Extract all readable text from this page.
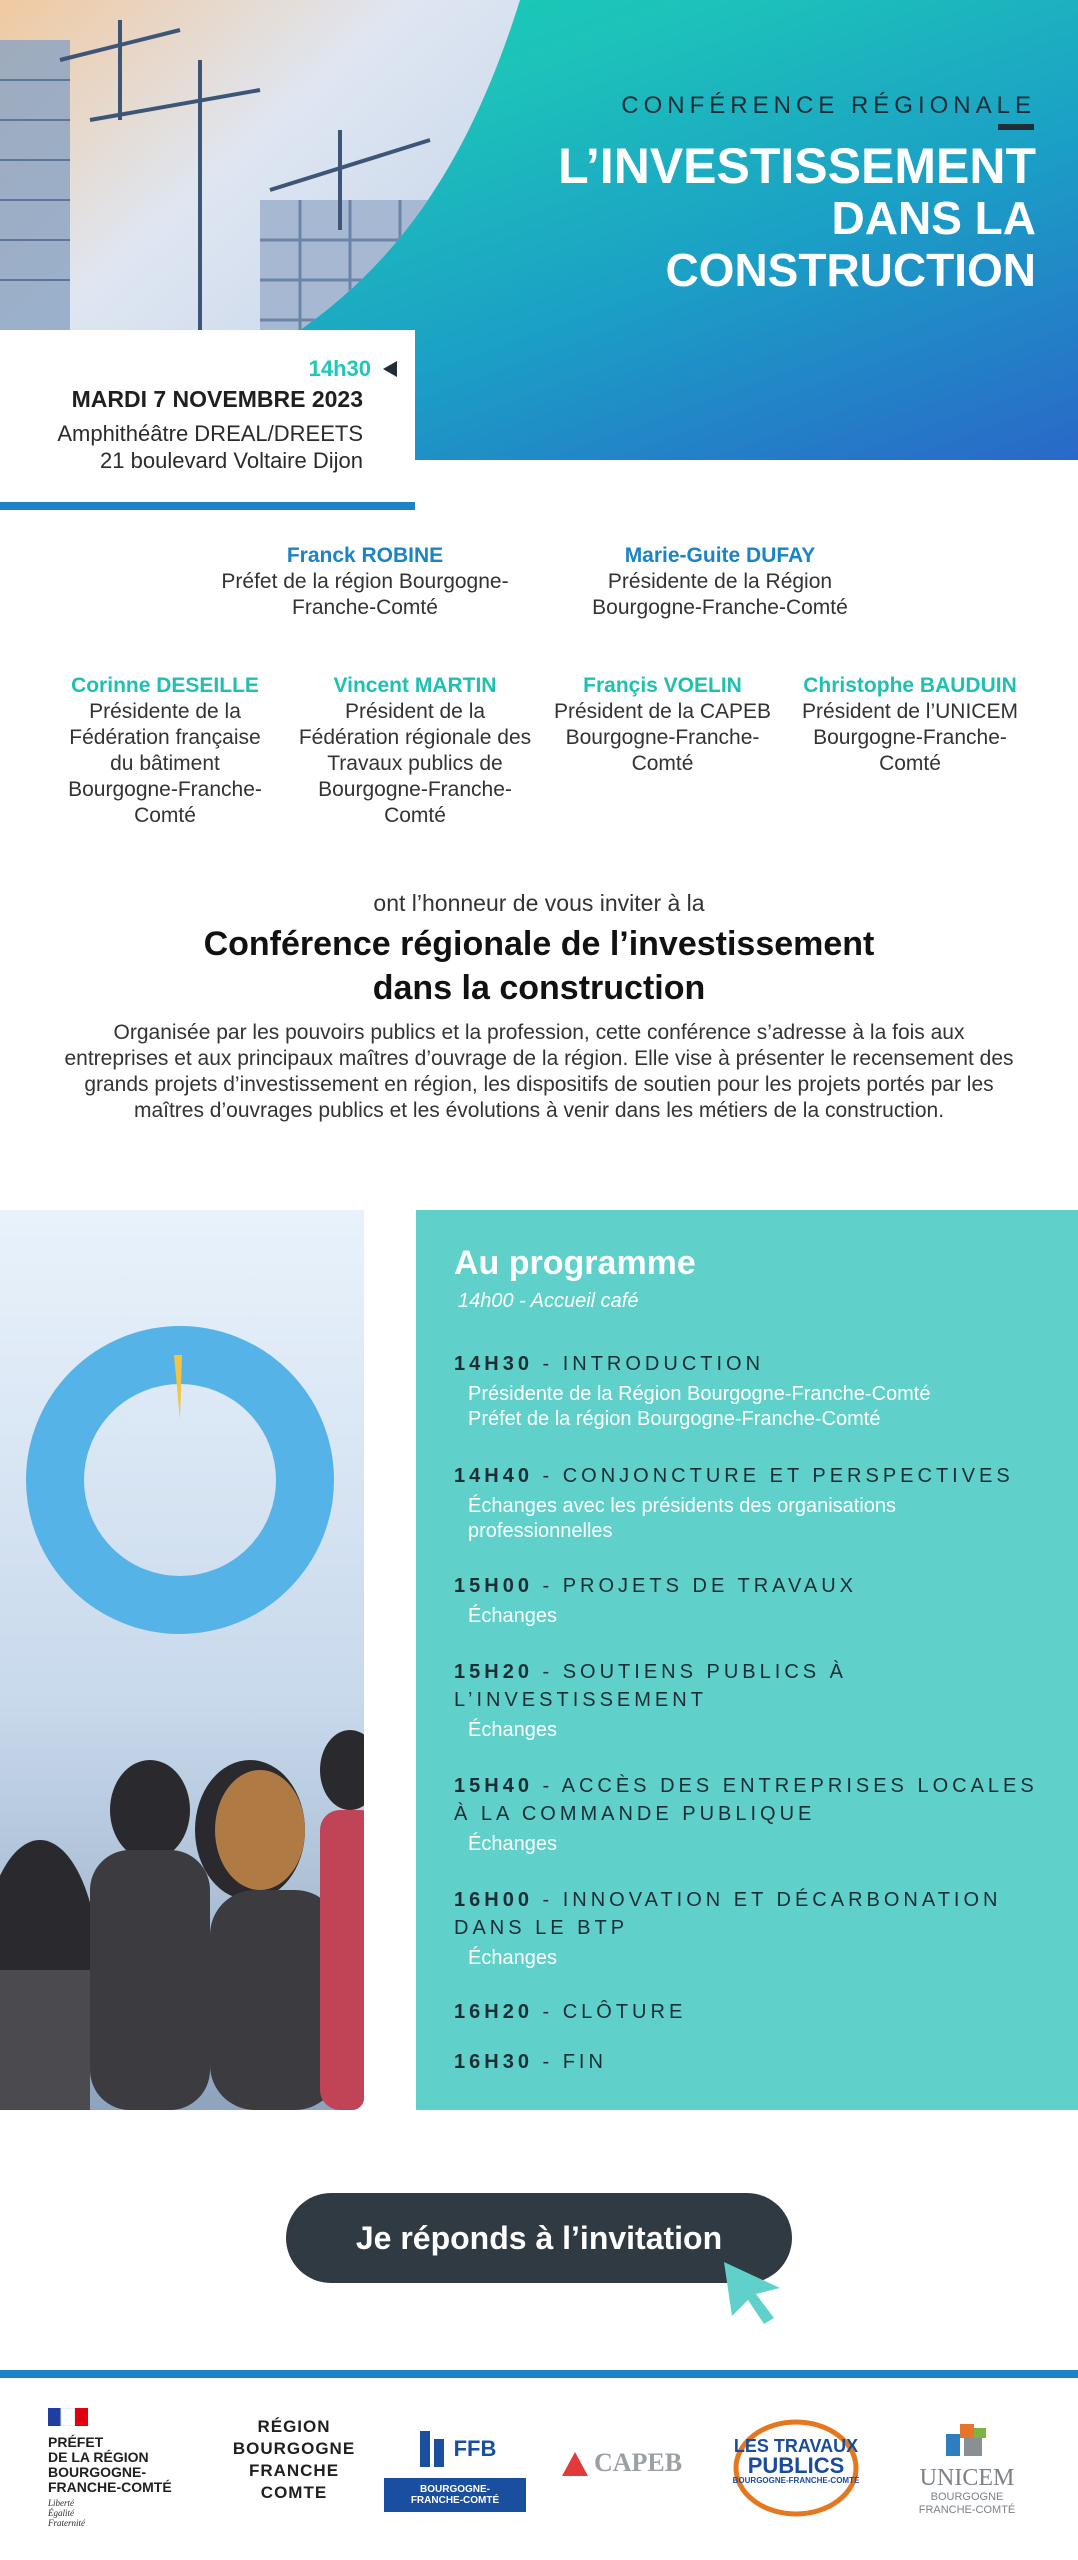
CONFÉRENCE RÉGIONALE
L’INVESTISSEMENT
DANS LA
CONSTRUCTION
14h30
MARDI 7 NOVEMBRE 2023
Amphithéâtre DREAL/DREETS
21 boulevard Voltaire Dijon
Franck ROBINE
Préfet de la région Bourgogne-Franche-Comté
Marie-Guite DUFAY
Présidente de la Région Bourgogne-Franche-Comté
Corinne DESEILLE
Présidente de la Fédération française du bâtiment Bourgogne-Franche-Comté
Vincent MARTIN
Président de la Fédération régionale des Travaux publics de Bourgogne-Franche-Comté
Françis VOELIN
Président de la CAPEB Bourgogne-Franche-Comté
Christophe BAUDUIN
Président de l’UNICEM Bourgogne-Franche-Comté
ont l’honneur de vous inviter à la
Conférence régionale de l’investissement
dans la construction
Organisée par les pouvoirs publics et la profession, cette conférence s’adresse à la fois aux entreprises et aux principaux maîtres d’ouvrage de la région. Elle vise à présenter le recensement des grands projets d’investissement en région, les dispositifs de soutien pour les projets portés par les maîtres d’ouvrages publics et les évolutions à venir dans les métiers de la construction.
Au programme
14h00 - Accueil café
14H30 - INTRODUCTION
Présidente de la Région Bourgogne-Franche-Comté
Préfet de la région Bourgogne-Franche-Comté
14H40 - CONJONCTURE ET PERSPECTIVES
Échanges avec les présidents des organisations professionnelles
15H00 - PROJETS DE TRAVAUX
Échanges
15H20 - SOUTIENS PUBLICS À L’INVESTISSEMENT
Échanges
15H40 - ACCÈS DES ENTREPRISES LOCALES À LA COMMANDE PUBLIQUE
Échanges
16H00 - INNOVATION ET DÉCARBONATION DANS LE BTP
Échanges
16H20 - CLÔTURE
16H30 - FIN
Je réponds à l’invitation
PRÉFET
DE LA RÉGION
BOURGOGNE-
FRANCHE-COMTÉ
Liberté
Égalité
Fraternité
RÉGION
BOURGOGNE
FRANCHE
COMTE
FFB
BOURGOGNE-
FRANCHE-COMTÉ
CAPEB
LES TRAVAUX
PUBLICS
BOURGOGNE-FRANCHE-COMTÉ	UNICEM
BOURGOGNE
FRANCHE-COMTÉ
